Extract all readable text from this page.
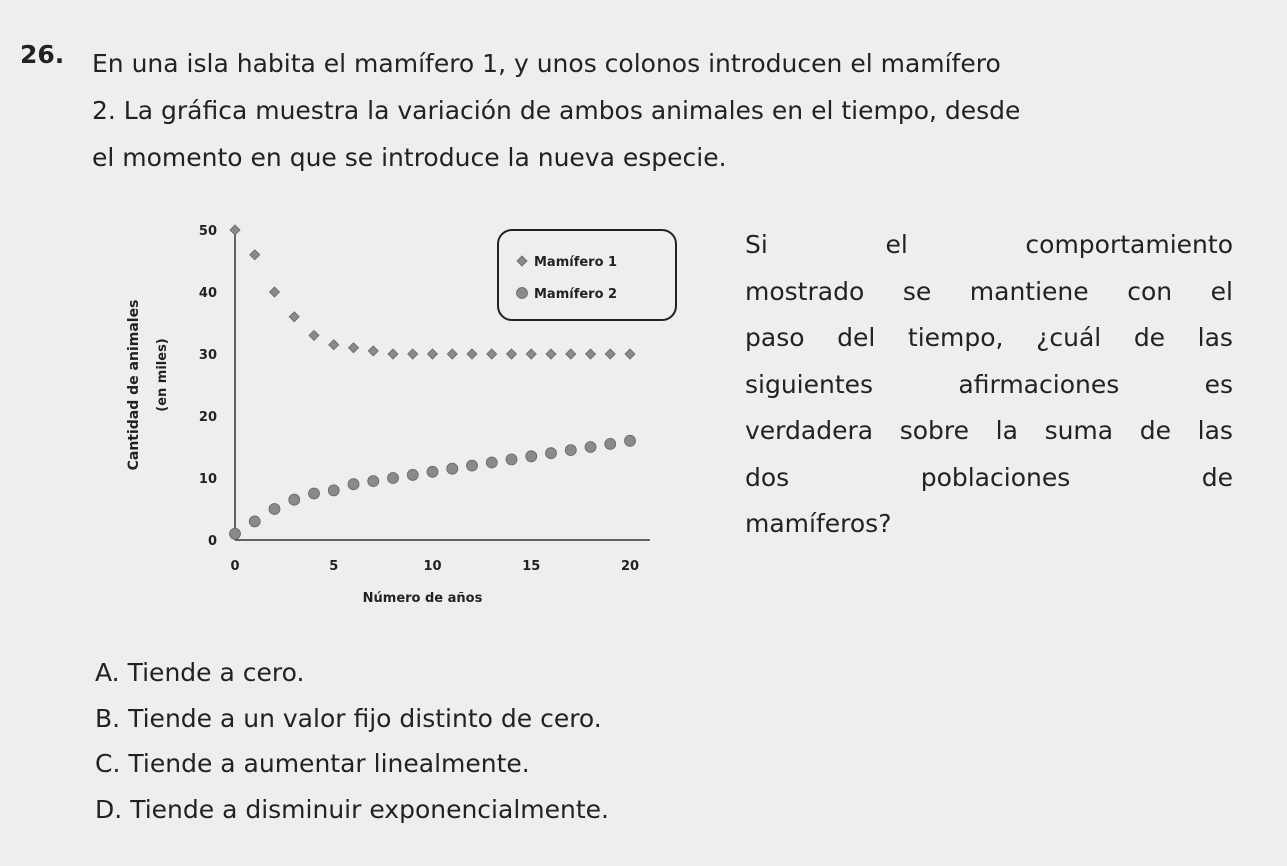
26. En una isla habita el mamífero 1, y unos colonos introducen el mamífero
2. La gráfica muestra la variación de ambos animales en el tiempo, desde
el momento en que se introduce la nueva especie.
0
10
20
30
40
50
0	5	10	15	20
Número de años
Cantidad de animales (en miles)
Mamífero 1
Mamífero 2
Si	el	comportamiento
mostrado se mantiene con el
paso del tiempo, ¿cuál de las
siguientes	afirmaciones	es
verdadera sobre la suma de las
dos	poblaciones	de
mamíferos?
A. Tiende a cero.
B. Tiende a un valor fijo distinto de cero.
C. Tiende a aumentar linealmente.
D. Tiende a disminuir exponencialmente.
